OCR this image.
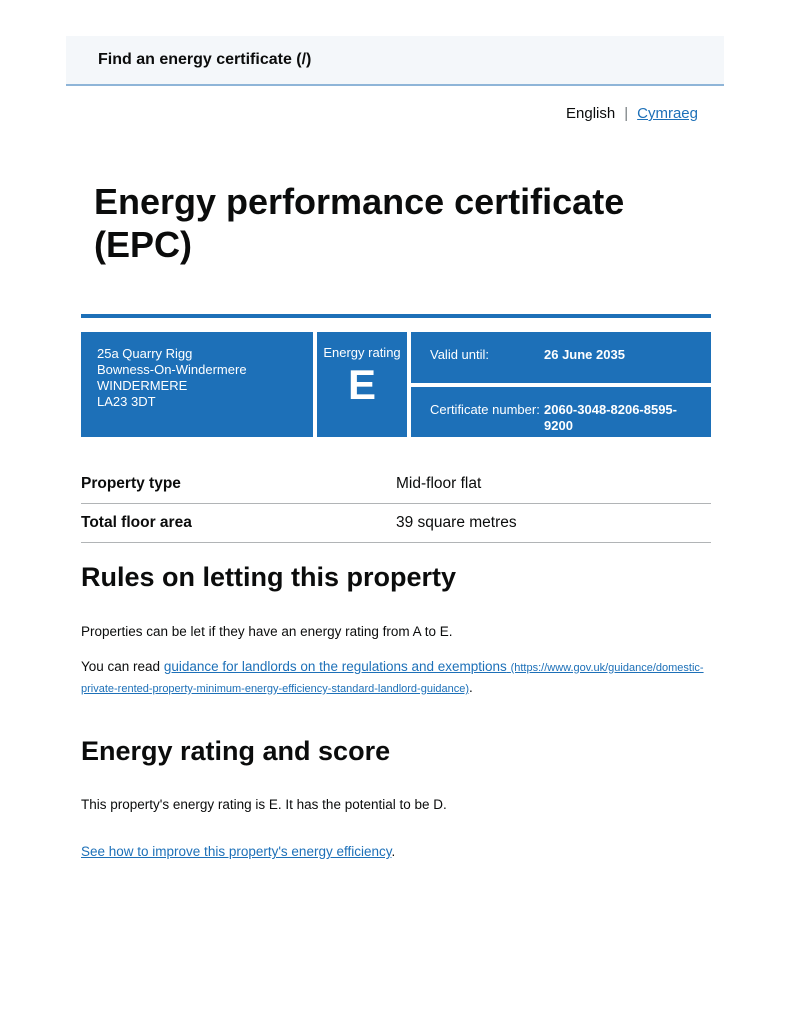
Find an energy certificate (/)
English | Cymraeg
Energy performance certificate (EPC)
25a Quarry Rigg
Bowness-On-Windermere
WINDERMERE
LA23 3DT
Energy rating
E
Valid until:	26 June 2035
Certificate number: 2060-3048-8206-8595-9200
Property type	Mid-floor flat
Total floor area	39 square metres
Rules on letting this property

Properties can be let if they have an energy rating from A to E.

You can read guidance for landlords on the regulations and exemptions (https://www.gov.uk/guidance/domestic-private-rented-property-minimum-energy-efficiency-standard-landlord-guidance).

Energy rating and score

This property's energy rating is E. It has the potential to be D.

See how to improve this property's energy efficiency.
